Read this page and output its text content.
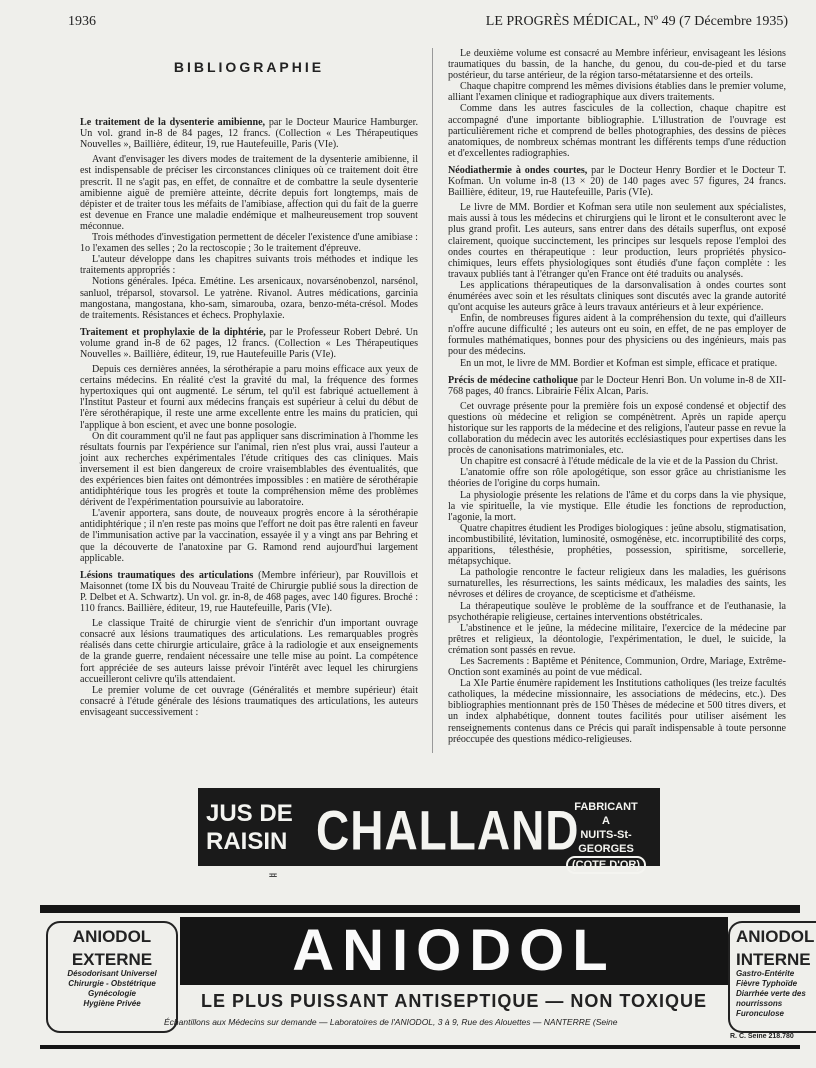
1936	LE PROGRÈS MÉDICAL, Nº 49 (7 Décembre 1935)
BIBLIOGRAPHIE

Le traitement de la dysenterie amibienne, par le Docteur Maurice Hamburger. Un vol. grand in-8 de 84 pages, 12 francs. (Collection « Les Thérapeutiques Nouvelles », Baillière, éditeur, 19, rue Hautefeuille, Paris (VIe).

Avant d'envisager les divers modes de traitement de la dysenterie amibienne, il est indispensable de préciser les circonstances cliniques où ce traitement doit être prescrit. Il ne s'agit pas, en effet, de connaître et de combattre la seule dysenterie amibienne aiguë de première atteinte, décrite depuis fort longtemps, mais de dépister et de traiter tous les méfaits de l'amibiase, affection qui du fait de la guerre est devenue en France une maladie endémique et malheureusement trop souvent méconnue.

Trois méthodes d'investigation permettent de déceler l'existence d'une amibiase : 1o l'examen des selles ; 2o la rectoscopie ; 3o le traitement d'épreuve.

L'auteur développe dans les chapitres suivants trois méthodes et indique les traitements appropriés :

Notions générales. Ipéca. Emétine. Les arsenicaux, novarsénobenzol, narsénol, sanluol, tréparsol, stovarsol. Le yatrène. Rivanol. Autres médications, garcinia mangostana, mangostana, kho-sam, simarouba, ozara, benzo-méta-crésol. Modes de traitements. Résistances et échecs. Prophylaxie.

Traitement et prophylaxie de la diphtérie, par le Professeur Robert Debré. Un volume grand in-8 de 62 pages, 12 francs. (Collection « Les Thérapeutiques Nouvelles ». Baillière, éditeur, 19, rue Hautefeuille Paris (VIe).

Depuis ces dernières années, la sérothérapie a paru moins efficace aux yeux de certains médecins. En réalité c'est la gravité du mal, la fréquence des formes hypertoxiques qui ont augmenté. Le sérum, tel qu'il est fabriqué actuellement à l'Institut Pasteur et fourni aux médecins français est supérieur à celui du début de l'ère sérothérapique, il reste une arme excellente entre les mains du praticien, qui l'applique à bon escient, et avec une bonne posologie.

On dit couramment qu'il ne faut pas appliquer sans discrimination à l'homme les résultats fournis par l'expérience sur l'animal, rien n'est plus vrai, aussi l'auteur a joint aux recherches expérimentales l'étude critiques des cas cliniques. Mais inversement il est bien dangereux de croire vraisemblables des éventualités, que des expériences bien faites ont démontrées impossibles : en matière de sérothérapie antidiphtérique tous les progrès et toute la compréhension même des problèmes dérivent de l'expérimentation poursuivie au laboratoire.

L'avenir apportera, sans doute, de nouveaux progrès encore à la sérothérapie antidiphtérique ; il n'en reste pas moins que l'effort ne doit pas être ralenti en faveur de l'immunisation active par la vaccination, essayée il y a vingt ans par Behring et que la découverte de l'anatoxine par G. Ramond rend aujourd'hui largement applicable.

Lésions traumatiques des articulations (Membre inférieur), par Rouvillois et Maisonnet (tome IX bis du Nouveau Traité de Chirurgie publié sous la direction de P. Delbet et A. Schwartz). Un vol. gr. in-8, de 468 pages, avec 140 figures. Broché : 110 francs. Baillière, éditeur, 19, rue Hautefeuille, Paris (VIe).

Le classique Traité de chirurgie vient de s'enrichir d'un important ouvrage consacré aux lésions traumatiques des articulations. Les remarquables progrès réalisés dans cette chirurgie articulaire, grâce à la radiologie et aux enseignements de la grande guerre, rendaient nécessaire une telle mise au point. La compétence fort appréciée de ses auteurs laisse prévoir l'intérêt avec lequel les chirurgiens accueilleront celivre qu'ils attendaient.

Le premier volume de cet ouvrage (Généralités et membre supérieur) était consacré à l'étude générale des lésions traumatiques des articulations, les auteurs envisageant successivement :

Le deuxième volume est consacré au Membre inférieur, envisageant les lésions traumatiques du bassin, de la hanche, du genou, du cou-de-pied et du tarse postérieur, du tarse antérieur, de la région tarso-métatarsienne et des orteils.

Chaque chapitre comprend les mêmes divisions établies dans le premier volume, alliant l'examen clinique et radiographique aux divers traitements.

Comme dans les autres fascicules de la collection, chaque chapitre est accompagné d'une importante bibliographie. L'illustration de l'ouvrage est particulièrement riche et comprend de belles photographies, des dessins de pièces anatomiques, de nombreux schémas montrant les différents temps d'une réduction et d'excellentes radiographies.

Néodiathermie à ondes courtes, par le Docteur Henry Bordier et le Docteur T. Kofman. Un volume in-8 (13 × 20) de 140 pages avec 57 figures, 24 francs. Baillière, éditeur, 19, rue Hautefeuille, Paris (VIe).

Le livre de MM. Bordier et Kofman sera utile non seulement aux spécialistes, mais aussi à tous les médecins et chirurgiens qui le liront et le consulteront avec le plus grand profit. Les auteurs, sans entrer dans des détails superflus, ont exposé clairement, quoique succinctement, les principes sur lesquels repose l'emploi des ondes courtes en thérapeutique : leur production, leurs propriétés physico-chimiques, leurs effets physiologiques sont étudiés d'une façon complète : les travaux publiés tant à l'étranger qu'en France ont été traduits ou analysés.

Les applications thérapeutiques de la darsonvalisation à ondes courtes sont énumérées avec soin et les résultats cliniques sont discutés avec la grande autorité qu'ont acquise les auteurs grâce à leurs travaux antérieurs et à leur expérience.

Enfin, de nombreuses figures aident à la compréhension du texte, qui d'ailleurs n'offre aucune difficulté ; les auteurs ont eu soin, en effet, de ne pas employer de formules mathématiques, bonnes pour des physiciens ou des ingénieurs, mais pas pour des médecins.

En un mot, le livre de MM. Bordier et Kofman est simple, efficace et pratique.

Précis de médecine catholique par le Docteur Henri Bon. Un volume in-8 de XII-768 pages, 40 francs. Librairie Félix Alcan, Paris.

Cet ouvrage présente pour la première fois un exposé condensé et objectif des questions où médecine et religion se compénètrent. Après un rapide aperçu historique sur les rapports de la médecine et des religions, l'auteur passe en revue la collaboration du médecin avec les autorités ecclésiastiques pour expertises dans les procès de canonisations matrimoniales, etc.

Un chapitre est consacré à l'étude médicale de la vie et de la Passion du Christ.

L'anatomie offre son rôle apologétique, son essor grâce au christianisme les théories de l'origine du corps humain.

La physiologie présente les relations de l'âme et du corps dans la vie physique, la vie spirituelle, la vie mystique. Elle étudie les fonctions de reproduction, l'agonie, la mort.

Quatre chapitres étudient les Prodiges biologiques : jeûne absolu, stigmatisation, incombustibilité, lévitation, luminosité, osmogénèse, etc. incorruptibilité des corps, apparitions, télesthésie, prophéties, possession, spiritisme, sorcellerie, métapsychique.

La pathologie rencontre le facteur religieux dans les maladies, les guérisons surnaturelles, les résurrections, les saints médicaux, les maladies des saints, les névroses et délires de croyance, de scepticisme et d'athéisme.

La thérapeutique soulève le problème de la souffrance et de l'euthanasie, la psychothérapie religieuse, certaines interventions obstétricales.

L'abstinence et le jeûne, la médecine militaire, l'exercice de la médecine par prêtres et religieux, la déontologie, l'expérimentation, le duel, le suicide, la crémation sont passés en revue.

Les Sacrements : Baptême et Pénitence, Communion, Ordre, Mariage, Extrême-Onction sont examinés au point de vue médical.

La XIe Partie énumère rapidement les Institutions catholiques (les treize facultés catholiques, la médecine missionnaire, les associations de médecins, etc.). Des bibliographies mentionnant près de 150 Thèses de médecine et 500 titres divers, et un index alphabétique, donnent toutes facilités pour utiliser aisément les renseignements contenus dans ce Précis qui paraît indispensable à toute personne préoccupée des questions médico-religieuses.

JUS DE
RAISIN CHALLAND
FABRICANT
A
NUITS-St-GEORGES
(COTE D'OR)
≖
ANIODOL
EXTERNE
Désodorisant Universel
Chirurgie - Obstétrique
Gynécologie
Hygiène Privée
ANIODOL	ANIODOL
INTERNE
Gastro-Entérite
Fièvre Typhoïde
Diarrhée verte des nourrissons
Furonculose
LE PLUS PUISSANT ANTISEPTIQUE — NON TOXIQUE
Échantillons aux Médecins sur demande — Laboratoires de l'ANIODOL, 3 à 9, Rue des Alouettes — NANTERRE (Seine
R. C. Seine 218.780
